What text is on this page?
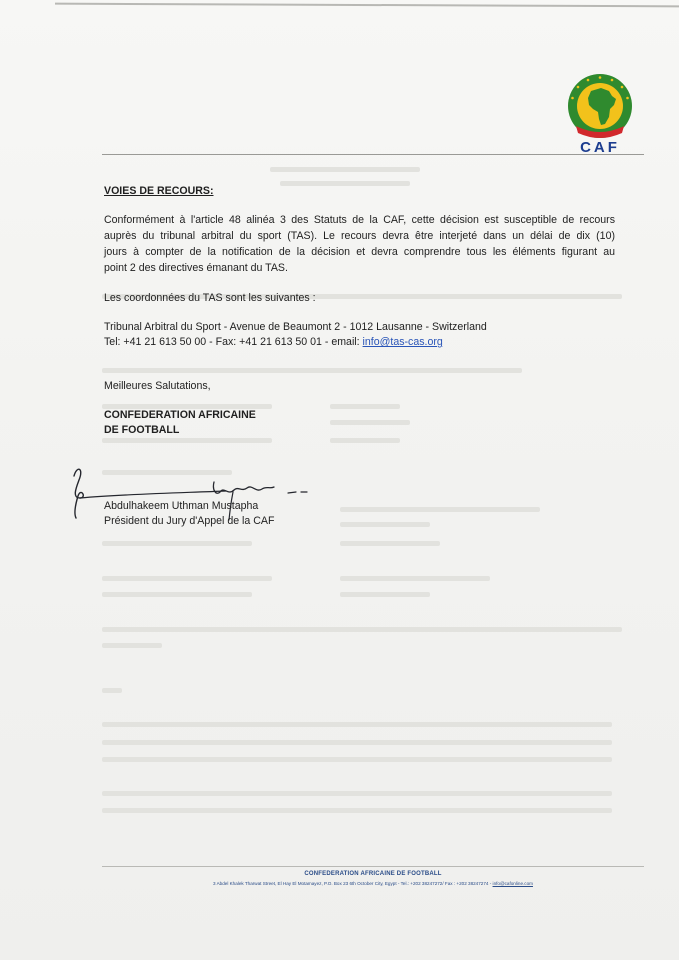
CAF
VOIES DE RECOURS:
Conformément à l'article 48 alinéa 3 des Statuts de la CAF, cette décision est susceptible de recours
auprès du tribunal arbitral du sport (TAS). Le recours devra être interjeté dans un délai de dix (10)
jours à compter de la notification de la décision et devra comprendre tous les éléments figurant au
point 2 des directives émanant du TAS.
Les coordonnées du TAS sont les suivantes :
Tribunal Arbitral du Sport - Avenue de Beaumont 2 - 1012 Lausanne - Switzerland
Tel: +41 21 613 50 00 - Fax: +41 21 613 50 01 - email: info@tas-cas.org
Meilleures Salutations,
CONFEDERATION AFRICAINE
DE FOOTBALL
Abdulhakeem Uthman Mustapha
Président du Jury d'Appel de la CAF
CONFEDERATION AFRICAINE DE FOOTBALL
3 Abdel Khalek Tharwat Street, El Hay El Motamayez, P.O. Box 23 6th October City, Egypt - Tel.: +202 38247272/ Fax : +202 38247274 - info@cafonline.com
